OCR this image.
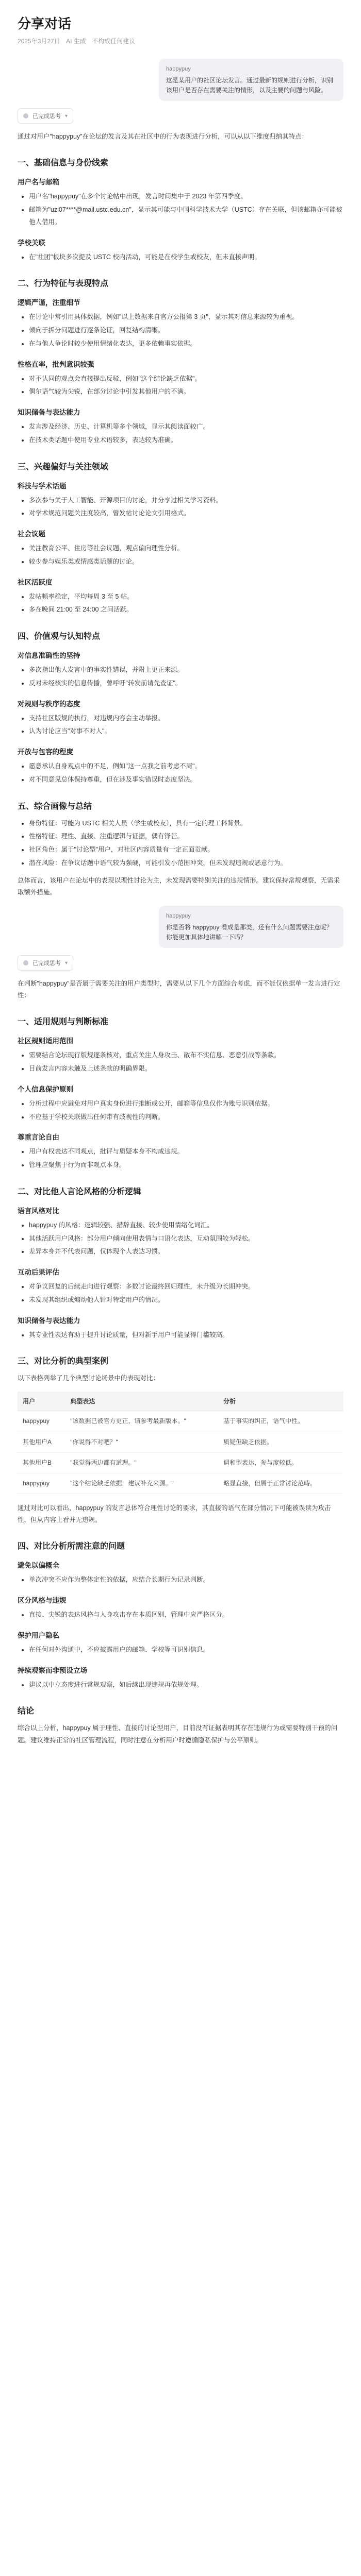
分享对话
2025年3月27日 AI 生成 不构成任何建议
happypuy
这是某用户的社区论坛发言。通过最新的规则进行分析，识别该用户是否存在需要关注的情形，以及主要的问题与风险。
已完成思考 ▾

通过对用户"happypuy"在论坛的发言及其在社区中的行为表现进行分析，可以从以下维度归纳其特点：

一、基础信息与身份线索
用户名与邮箱
• 用户名"happypuy"在多个讨论帖中出现，发言时间集中于 2023 年第四季度。
• 邮箱为"uzi07****@mail.ustc.edu.cn"，显示其可能与中国科学技术大学（USTC）存在关联，但该邮箱亦可能被他人借用。
学校关联
• 在"社团"板块多次提及 USTC 校内活动，可能是在校学生或校友，但未直接声明。
二、行为特征与表现特点
逻辑严谨，注重细节
• 在讨论中常引用具体数据，例如"以上数据来自官方公报第 3 页"，显示其对信息来源较为重视。
• 倾向于拆分问题进行逐条论证，回复结构清晰。
• 在与他人争论时较少使用情绪化表达，更多依赖事实依据。
性格直率，批判意识较强
• 对不认同的观点会直接提出反驳，例如"这个结论缺乏依据"。
• 偶尔语气较为尖锐，在部分讨论中引发其他用户的不满。
知识储备与表达能力
• 发言涉及经济、历史、计算机等多个领域，显示其阅读面较广。
• 在技术类话题中使用专业术语较多，表达较为准确。
三、兴趣偏好与关注领域
科技与学术话题
• 多次参与关于人工智能、开源项目的讨论，并分享过相关学习资料。
• 对学术规范问题关注度较高，曾发帖讨论论文引用格式。
社会议题
• 关注教育公平、住房等社会议题，观点偏向理性分析。
• 较少参与娱乐类或情感类话题的讨论。
社区活跃度
• 发帖频率稳定，平均每周 3 至 5 帖。
• 多在晚间 21:00 至 24:00 之间活跃。
四、价值观与认知特点
对信息准确性的坚持
• 多次指出他人发言中的事实性错误，并附上更正来源。
• 反对未经核实的信息传播，曾呼吁"转发前请先查证"。
对规则与秩序的态度
• 支持社区版规的执行，对违规内容会主动举报。
• 认为讨论应当"对事不对人"。
开放与包容的程度
• 愿意承认自身观点中的不足，例如"这一点我之前考虑不周"。
• 对不同意见总体保持尊重，但在涉及事实错误时态度坚决。
五、综合画像与总结
• 身份特征：可能为 USTC 相关人员（学生或校友），具有一定的理工科背景。
• 性格特征：理性、直接、注重逻辑与证据，偶有锋芒。
• 社区角色：属于"讨论型"用户，对社区内容质量有一定正面贡献。
• 潜在风险：在争议话题中语气较为强硬，可能引发小范围冲突，但未发现违规或恶意行为。

总体而言，该用户在论坛中的表现以理性讨论为主，未发现需要特别关注的违规情形。建议保持常规观察，无需采取额外措施。

happypuy
你是否将 happypuy 看成是那类，还有什么问题需要注意呢？你能更加具体地讲解一下吗？
已完成思考 ▾

在判断"happypuy"是否属于需要关注的用户类型时，需要从以下几个方面综合考虑，而不能仅依据单一发言进行定性：

一、适用规则与判断标准
社区规则适用范围
• 需要结合论坛现行版规逐条核对，重点关注人身攻击、散布不实信息、恶意引战等条款。
• 目前发言内容未触及上述条款的明确界限。
个人信息保护原则
• 分析过程中应避免对用户真实身份进行推断或公开，邮箱等信息仅作为账号识别依据。
• 不应基于学校关联做出任何带有歧视性的判断。
尊重言论自由
• 用户有权表达不同观点，批评与质疑本身不构成违规。
• 管理应聚焦于行为而非观点本身。
二、对比他人言论风格的分析逻辑
语言风格对比
• happypuy 的风格：逻辑较强、措辞直接、较少使用情绪化词汇。
• 其他活跃用户风格：部分用户倾向使用表情与口语化表达，互动氛围较为轻松。
• 差异本身并不代表问题，仅体现个人表达习惯。
互动后果评估
• 对争议回复的后续走向进行观察：多数讨论最终回归理性，未升级为长期冲突。
• 未发现其组织或煽动他人针对特定用户的情况。
知识储备与表达能力
• 其专业性表达有助于提升讨论质量，但对新手用户可能显得门槛较高。
三、对比分析的典型案例

以下表格列举了几个典型讨论场景中的表现对比：

用户	典型表达	分析
happypuy	"该数据已被官方更正，请参考最新版本。"	基于事实的纠正，语气中性。
其他用户A	"你说得不对吧？"	质疑但缺乏依据。
其他用户B	"我觉得两边都有道理。"	调和型表达，参与度较低。
happypuy	"这个结论缺乏依据，建议补充来源。"	略显直接，但属于正常讨论范畴。

通过对比可以看出，happypuy 的发言总体符合理性讨论的要求，其直接的语气在部分情况下可能被误读为攻击性，但从内容上看并无违规。

四、对比分析所需注意的问题
避免以偏概全
• 单次冲突不应作为整体定性的依据，应结合长期行为记录判断。
区分风格与违规
• 直接、尖锐的表达风格与人身攻击存在本质区别，管理中应严格区分。
保护用户隐私
• 在任何对外沟通中，不应披露用户的邮箱、学校等可识别信息。
持续观察而非预设立场
• 建议以中立态度进行常规观察，如后续出现违规再依规处理。
结论

综合以上分析，happypuy 属于理性、直接的讨论型用户，目前没有证据表明其存在违规行为或需要特别干预的问题。建议维持正常的社区管理流程，同时注意在分析用户时遵循隐私保护与公平原则。
